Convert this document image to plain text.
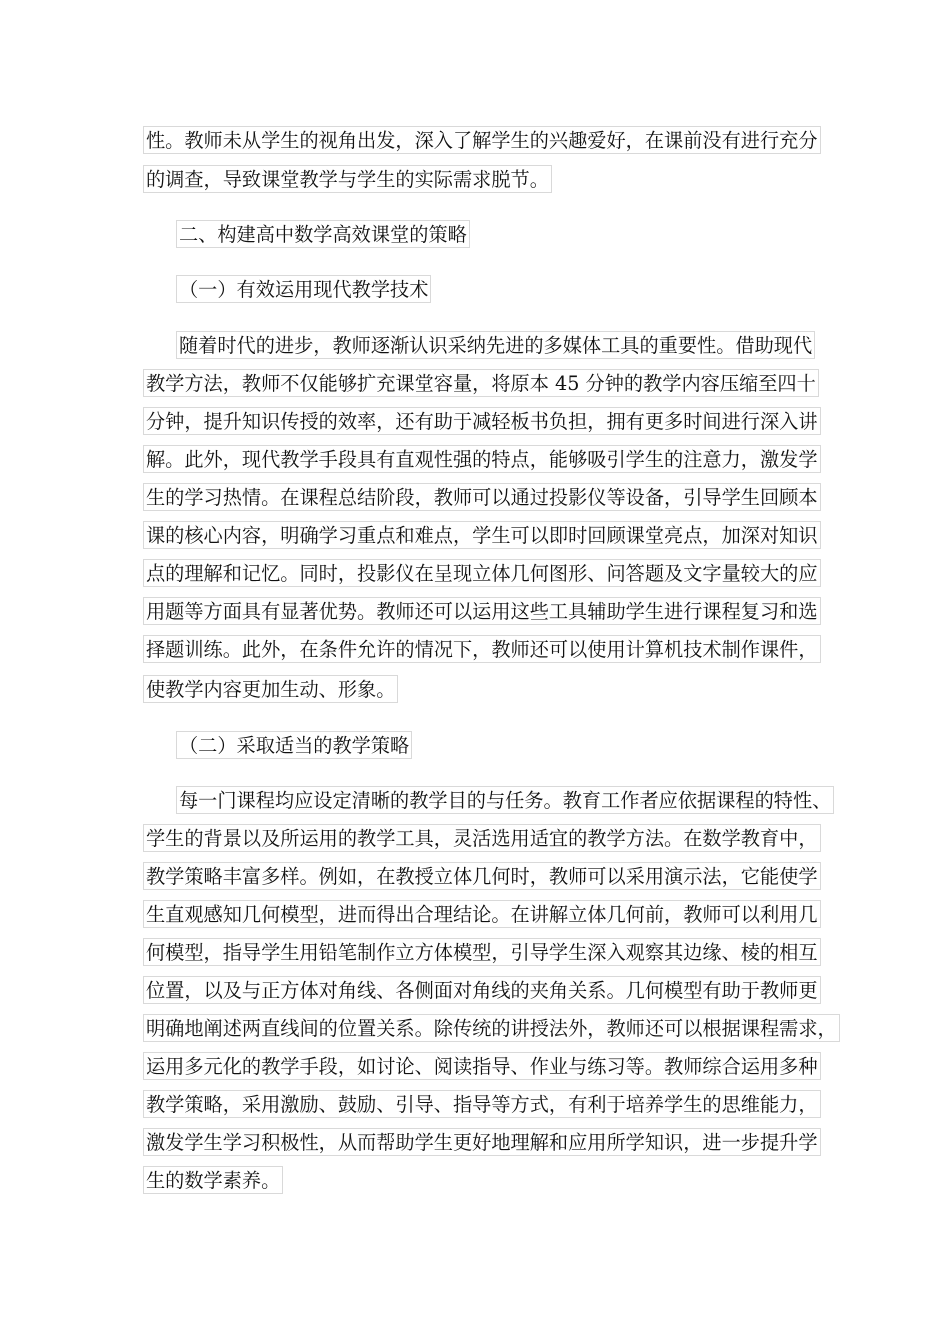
性。教师未从学生的视角出发，深入了解学生的兴趣爱好，在课前没有进行充分
的调查，导致课堂教学与学生的实际需求脱节。
二、构建高中数学高效课堂的策略
（一）有效运用现代教学技术
随着时代的进步，教师逐渐认识采纳先进的多媒体工具的重要性。借助现代
教学方法，教师不仅能够扩充课堂容量，将原本 45 分钟的教学内容压缩至四十
分钟，提升知识传授的效率，还有助于减轻板书负担，拥有更多时间进行深入讲
解。此外，现代教学手段具有直观性强的特点，能够吸引学生的注意力，激发学
生的学习热情。在课程总结阶段，教师可以通过投影仪等设备，引导学生回顾本
课的核心内容，明确学习重点和难点，学生可以即时回顾课堂亮点，加深对知识
点的理解和记忆。同时，投影仪在呈现立体几何图形、问答题及文字量较大的应
用题等方面具有显著优势。教师还可以运用这些工具辅助学生进行课程复习和选
择题训练。此外，在条件允许的情况下，教师还可以使用计算机技术制作课件，
使教学内容更加生动、形象。
（二）采取适当的教学策略
每一门课程均应设定清晰的教学目的与任务。教育工作者应依据课程的特性、
学生的背景以及所运用的教学工具，灵活选用适宜的教学方法。在数学教育中，
教学策略丰富多样。例如，在教授立体几何时，教师可以采用演示法，它能使学
生直观感知几何模型，进而得出合理结论。在讲解立体几何前，教师可以利用几
何模型，指导学生用铅笔制作立方体模型，引导学生深入观察其边缘、棱的相互
位置，以及与正方体对角线、各侧面对角线的夹角关系。几何模型有助于教师更
明确地阐述两直线间的位置关系。除传统的讲授法外，教师还可以根据课程需求，
运用多元化的教学手段，如讨论、阅读指导、作业与练习等。教师综合运用多种
教学策略，采用激励、鼓励、引导、指导等方式，有利于培养学生的思维能力，
激发学生学习积极性，从而帮助学生更好地理解和应用所学知识，进一步提升学
生的数学素养。
